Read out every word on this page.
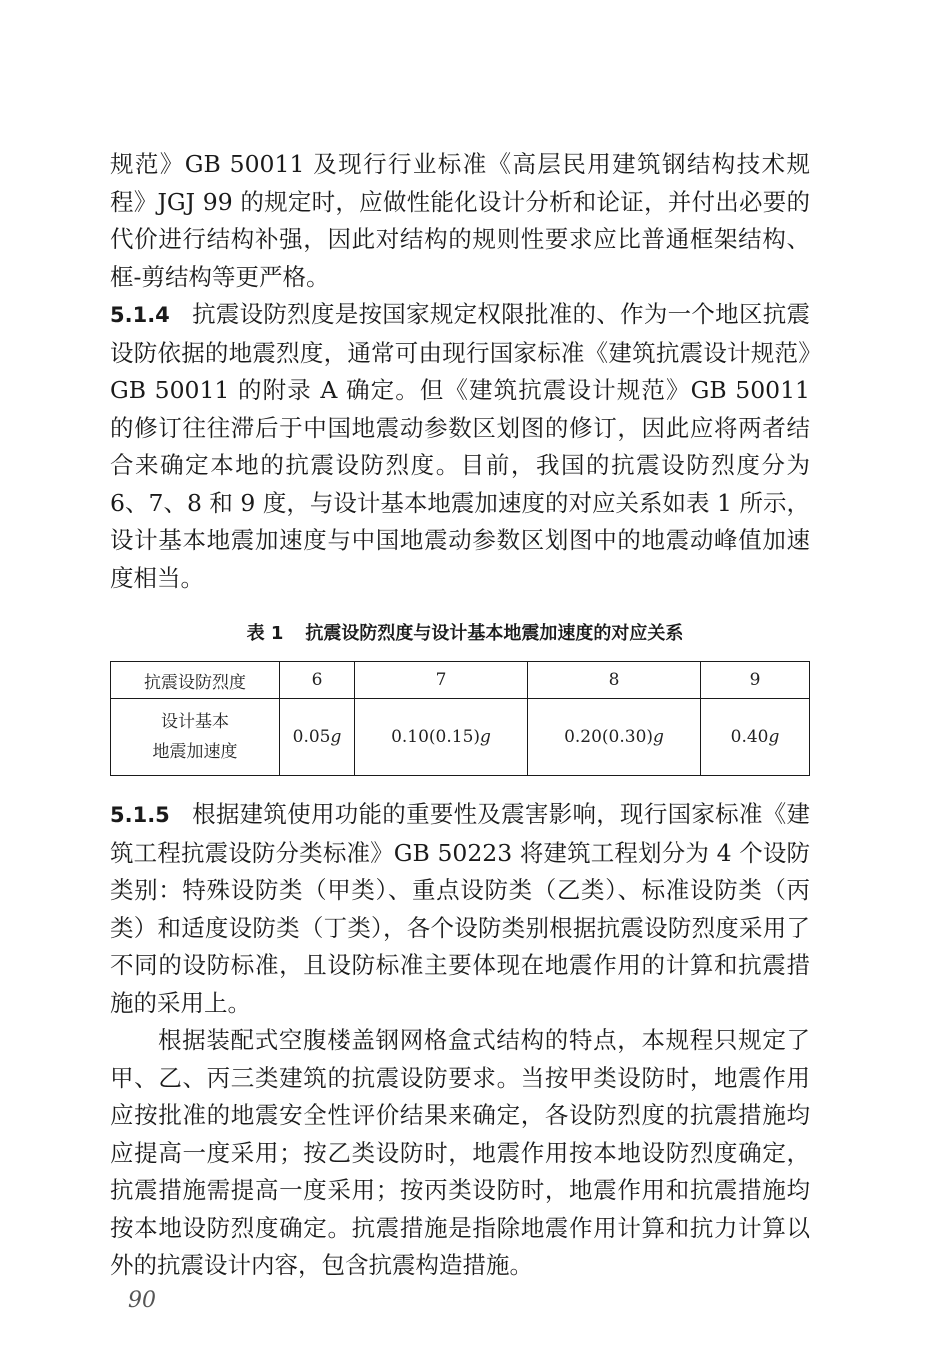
规范》GB 50011 及现行行业标准《高层民用建筑钢结构技术规程》JGJ 99 的规定时，应做性能化设计分析和论证，并付出必要的代价进行结构补强，因此对结构的规则性要求应比普通框架结构、框-剪结构等更严格。

5.1.4 抗震设防烈度是按国家规定权限批准的、作为一个地区抗震设防依据的地震烈度，通常可由现行国家标准《建筑抗震设计规范》GB 50011 的附录 A 确定。但《建筑抗震设计规范》GB 50011 的修订往往滞后于中国地震动参数区划图的修订，因此应将两者结合来确定本地的抗震设防烈度。目前，我国的抗震设防烈度分为 6、7、8 和 9 度，与设计基本地震加速度的对应关系如表 1 所示，设计基本地震加速度与中国地震动参数区划图中的地震动峰值加速度相当。

表 1 抗震设防烈度与设计基本地震加速度的对应关系
抗震设防烈度	6	7	8	9
设计基本
地震加速度	0.05g	0.10(0.15)g	0.20(0.30)g	0.40g

5.1.5 根据建筑使用功能的重要性及震害影响，现行国家标准《建筑工程抗震设防分类标准》GB 50223 将建筑工程划分为 4 个设防类别：特殊设防类（甲类）、重点设防类（乙类）、标准设防类（丙类）和适度设防类（丁类），各个设防类别根据抗震设防烈度采用了不同的设防标准，且设防标准主要体现在地震作用的计算和抗震措施的采用上。

根据装配式空腹楼盖钢网格盒式结构的特点，本规程只规定了甲、乙、丙三类建筑的抗震设防要求。当按甲类设防时，地震作用应按批准的地震安全性评价结果来确定，各设防烈度的抗震措施均应提高一度采用；按乙类设防时，地震作用按本地设防烈度确定，抗震措施需提高一度采用；按丙类设防时，地震作用和抗震措施均按本地设防烈度确定。抗震措施是指除地震作用计算和抗力计算以外的抗震设计内容，包含抗震构造措施。

90
